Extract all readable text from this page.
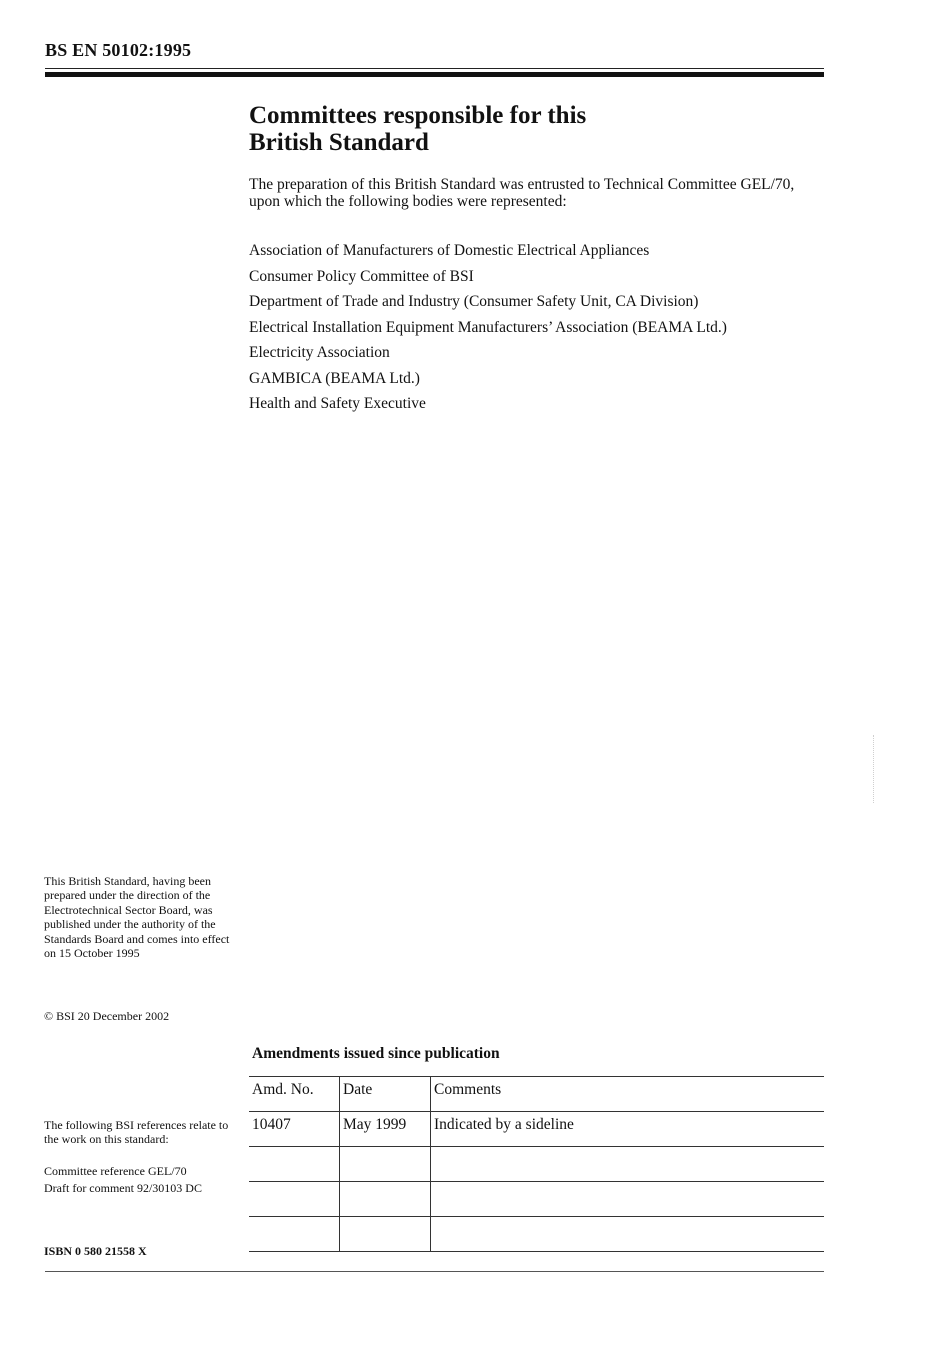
BS EN 50102:1995
Committees responsible for this
British Standard

The preparation of this British Standard was entrusted to Technical Committee GEL/70, upon which the following bodies were represented:

Association of Manufacturers of Domestic Electrical Appliances
Consumer Policy Committee of BSI
Department of Trade and Industry (Consumer Safety Unit, CA Division)
Electrical Installation Equipment Manufacturers’ Association (BEAMA Ltd.)
Electricity Association
GAMBICA (BEAMA Ltd.)
Health and Safety Executive

This British Standard, having been prepared under the direction of the Electrotechnical Sector Board, was published under the authority of the Standards Board and comes into effect on 15 October 1995

© BSI 20 December 2002
Amendments issued since publication
Amd. No.	Date	Comments
10407	May 1999	Indicated by a sideline

The following BSI references relate to the work on this standard:

Committee reference GEL/70
Draft for comment 92/30103 DC
ISBN 0 580 21558 X
